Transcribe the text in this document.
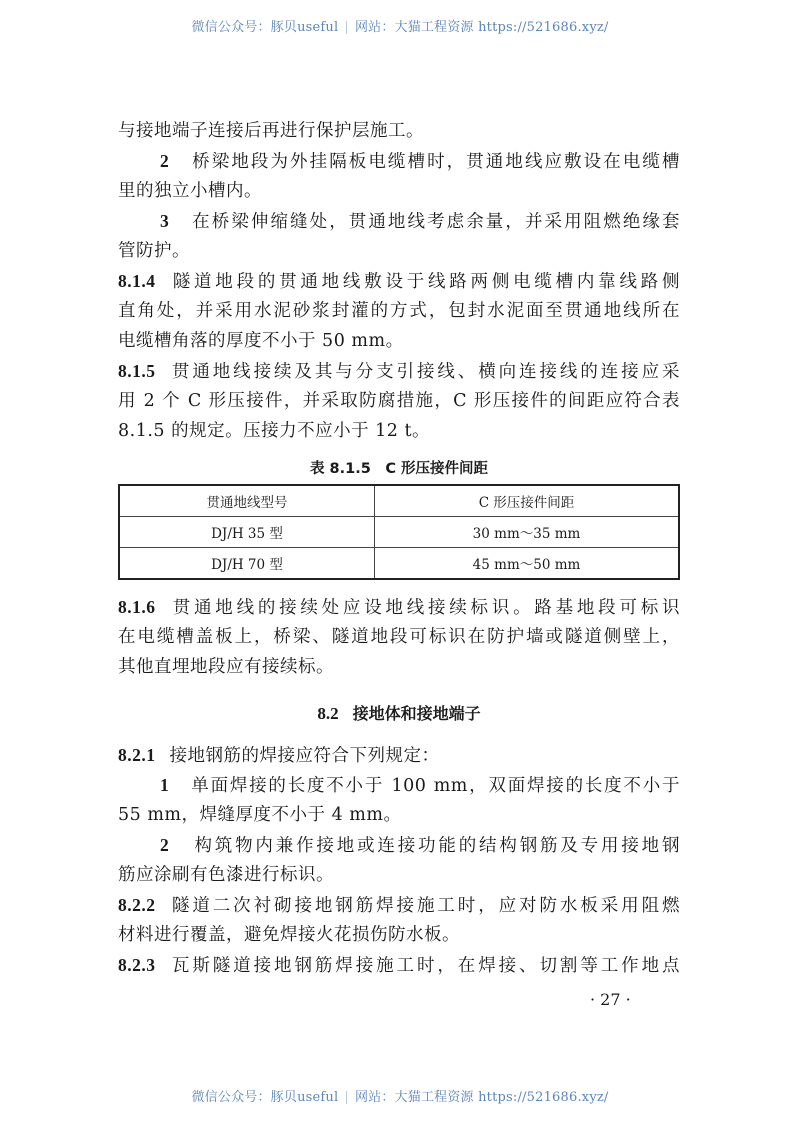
微信公众号：豚贝useful | 网站：大猫工程资源 https://521686.xyz/
与接地端子连接后再进行保护层施工。
2 桥梁地段为外挂隔板电缆槽时，贯通地线应敷设在电缆槽
里的独立小槽内。
3 在桥梁伸缩缝处，贯通地线考虑余量，并采用阻燃绝缘套
管防护。
8.1.4 隧道地段的贯通地线敷设于线路两侧电缆槽内靠线路侧
直角处，并采用水泥砂浆封灌的方式，包封水泥面至贯通地线所在
电缆槽角落的厚度不小于 50 mm。
8.1.5 贯通地线接续及其与分支引接线、横向连接线的连接应采
用 2 个 C 形压接件，并采取防腐措施，C 形压接件的间距应符合表
8.1.5 的规定。压接力不应小于 12 t。
表 8.1.5　C 形压接件间距
贯通地线型号	C 形压接件间距
DJ/H 35 型	30 mm～35 mm
DJ/H 70 型	45 mm～50 mm
8.1.6 贯通地线的接续处应设地线接续标识。路基地段可标识
在电缆槽盖板上，桥梁、隧道地段可标识在防护墙或隧道侧壁上，
其他直埋地段应有接续标。
8.2 接地体和接地端子
8.2.1 接地钢筋的焊接应符合下列规定：
1 单面焊接的长度不小于 100 mm，双面焊接的长度不小于
55 mm，焊缝厚度不小于 4 mm。
2 构筑物内兼作接地或连接功能的结构钢筋及专用接地钢
筋应涂刷有色漆进行标识。
8.2.2 隧道二次衬砌接地钢筋焊接施工时，应对防水板采用阻燃
材料进行覆盖，避免焊接火花损伤防水板。
8.2.3 瓦斯隧道接地钢筋焊接施工时，在焊接、切割等工作地点
· 27 ·
微信公众号：豚贝useful | 网站：大猫工程资源 https://521686.xyz/
